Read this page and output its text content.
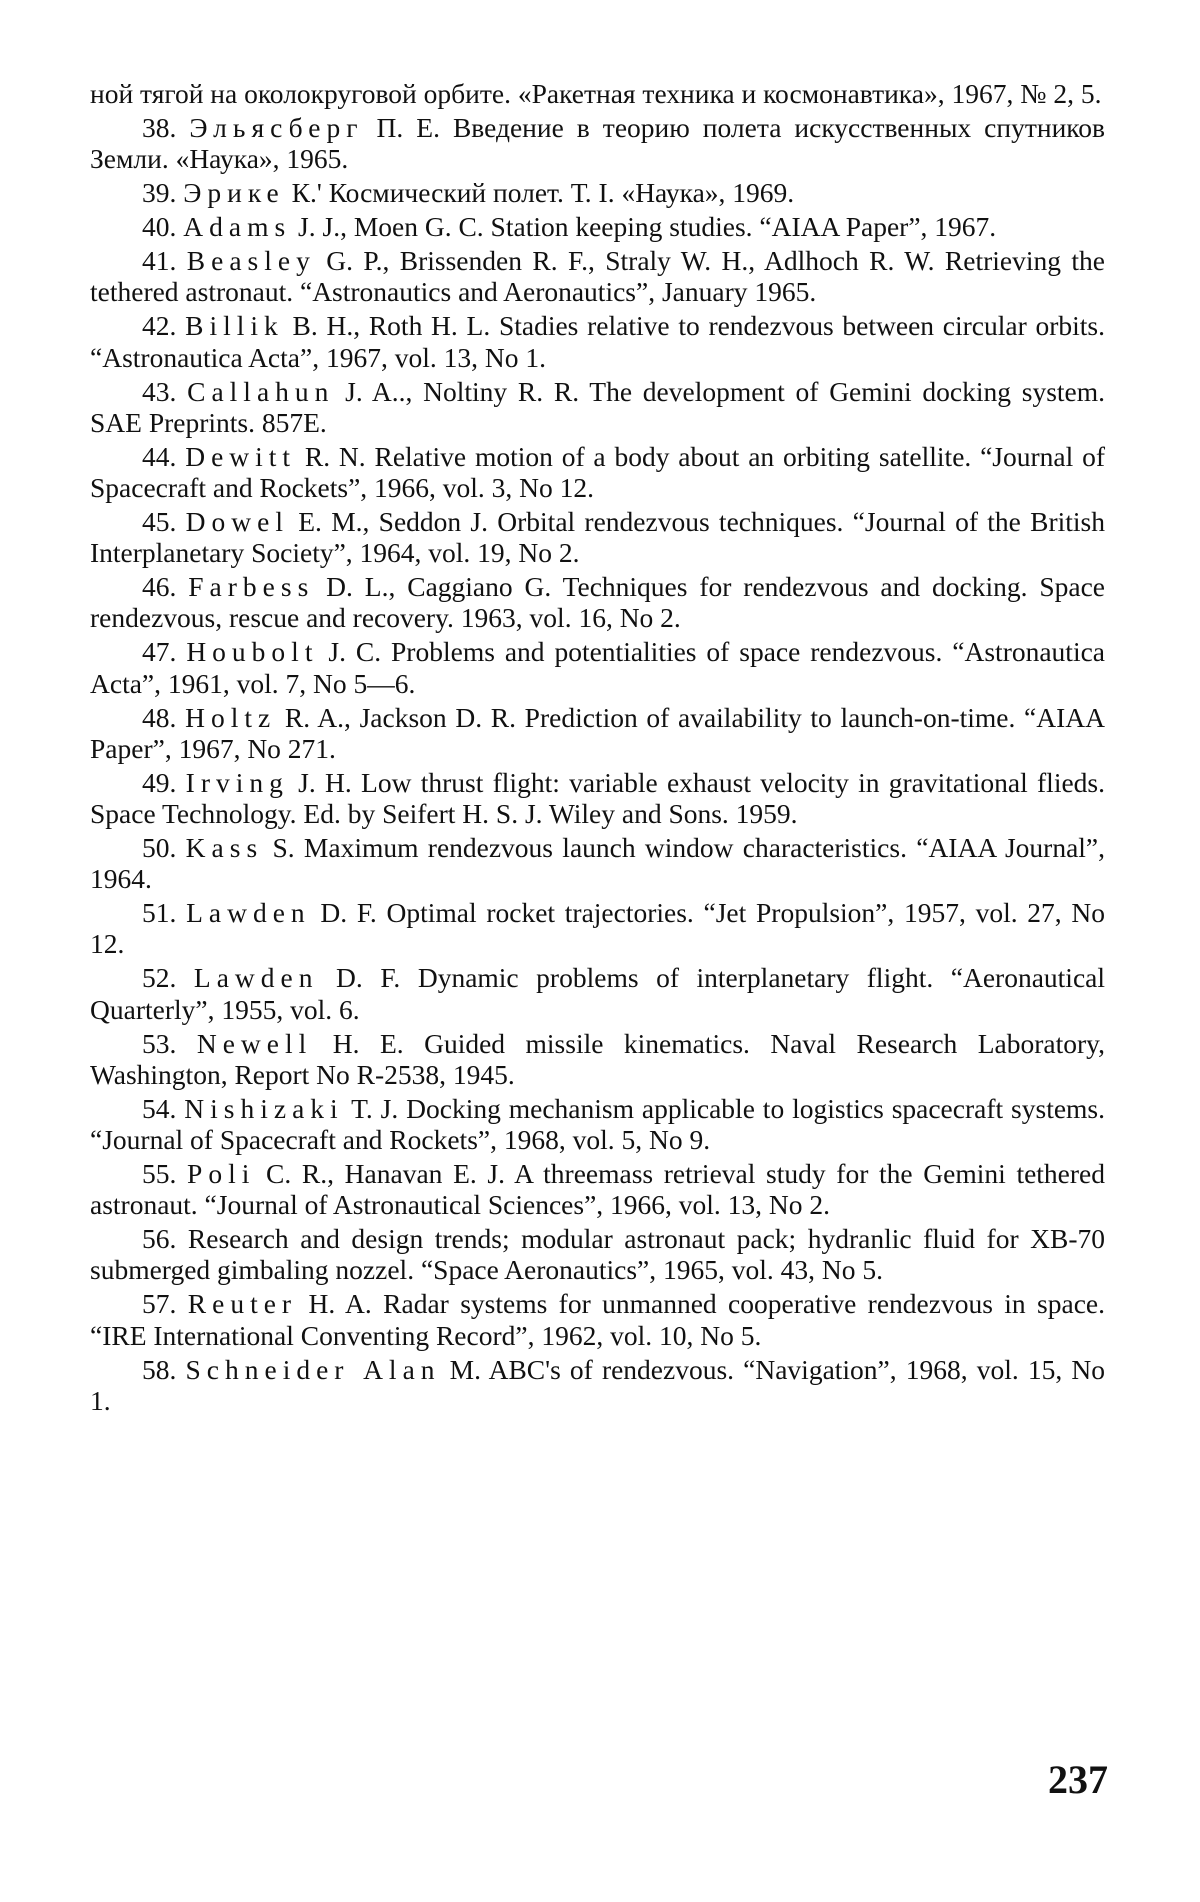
ной тягой на околокруговой орбите. «Ракетная техника и космонавтика», 1967, № 2, 5.

38. Эльясберг П. Е. Введение в теорию полета искусственных спутников Земли. «Наука», 1965.

39. Эрике К.' Космический полет. Т. I. «Наука», 1969.

40. Adams J. J., Moen G. C. Station keeping studies. “AIAA Paper”, 1967.

41. Beasley G. P., Brissenden R. F., Straly W. H., Adlhoch R. W. Retrieving the tethered astronaut. “Astronautics and Aeronautics”, January 1965.

42. Billik B. H., Roth H. L. Stadies relative to rendezvous between circular orbits. “Astronautica Acta”, 1967, vol. 13, No 1.

43. Callahun J. A.., Noltiny R. R. The development of Gemini docking system. SAE Preprints. 857E.

44. Dewitt R. N. Relative motion of a body about an orbiting satellite. “Journal of Spacecraft and Rockets”, 1966, vol. 3, No 12.

45. Dowel E. M., Seddon J. Orbital rendezvous techniques. “Journal of the British Interplanetary Society”, 1964, vol. 19, No 2.

46. Farbess D. L., Caggiano G. Techniques for rendezvous and docking. Space rendezvous, rescue and recovery. 1963, vol. 16, No 2.

47. Houbolt J. C. Problems and potentialities of space rendezvous. “Astronautica Acta”, 1961, vol. 7, No 5—6.

48. Holtz R. A., Jackson D. R. Prediction of availability to launch-on-time. “AIAA Paper”, 1967, No 271.

49. Irving J. H. Low thrust flight: variable exhaust velocity in gravitational flieds. Space Technology. Ed. by Seifert H. S. J. Wiley and Sons. 1959.

50. Kass S. Maximum rendezvous launch window characteristics. “AIAA Journal”, 1964.

51. Lawden D. F. Optimal rocket trajectories. “Jet Propulsion”, 1957, vol. 27, No 12.

52. Lawden D. F. Dynamic problems of interplanetary flight. “Aeronautical Quarterly”, 1955, vol. 6.

53. Newell H. E. Guided missile kinematics. Naval Research Laboratory, Washington, Report No R-2538, 1945.

54. Nishizaki T. J. Docking mechanism applicable to logistics spacecraft systems. “Journal of Spacecraft and Rockets”, 1968, vol. 5, No 9.

55. Poli C. R., Hanavan E. J. A threemass retrieval study for the Gemini tethered astronaut. “Journal of Astronautical Sciences”, 1966, vol. 13, No 2.

56. Research and design trends; modular astronaut pack; hydranlic fluid for XB-70 submerged gimbaling nozzel. “Space Aeronautics”, 1965, vol. 43, No 5.

57. Reuter H. A. Radar systems for unmanned cooperative rendezvous in space. “IRE International Conventing Record”, 1962, vol. 10, No 5.

58. Schneider Alan M. ABC's of rendezvous. “Navigation”, 1968, vol. 15, No 1.

237
